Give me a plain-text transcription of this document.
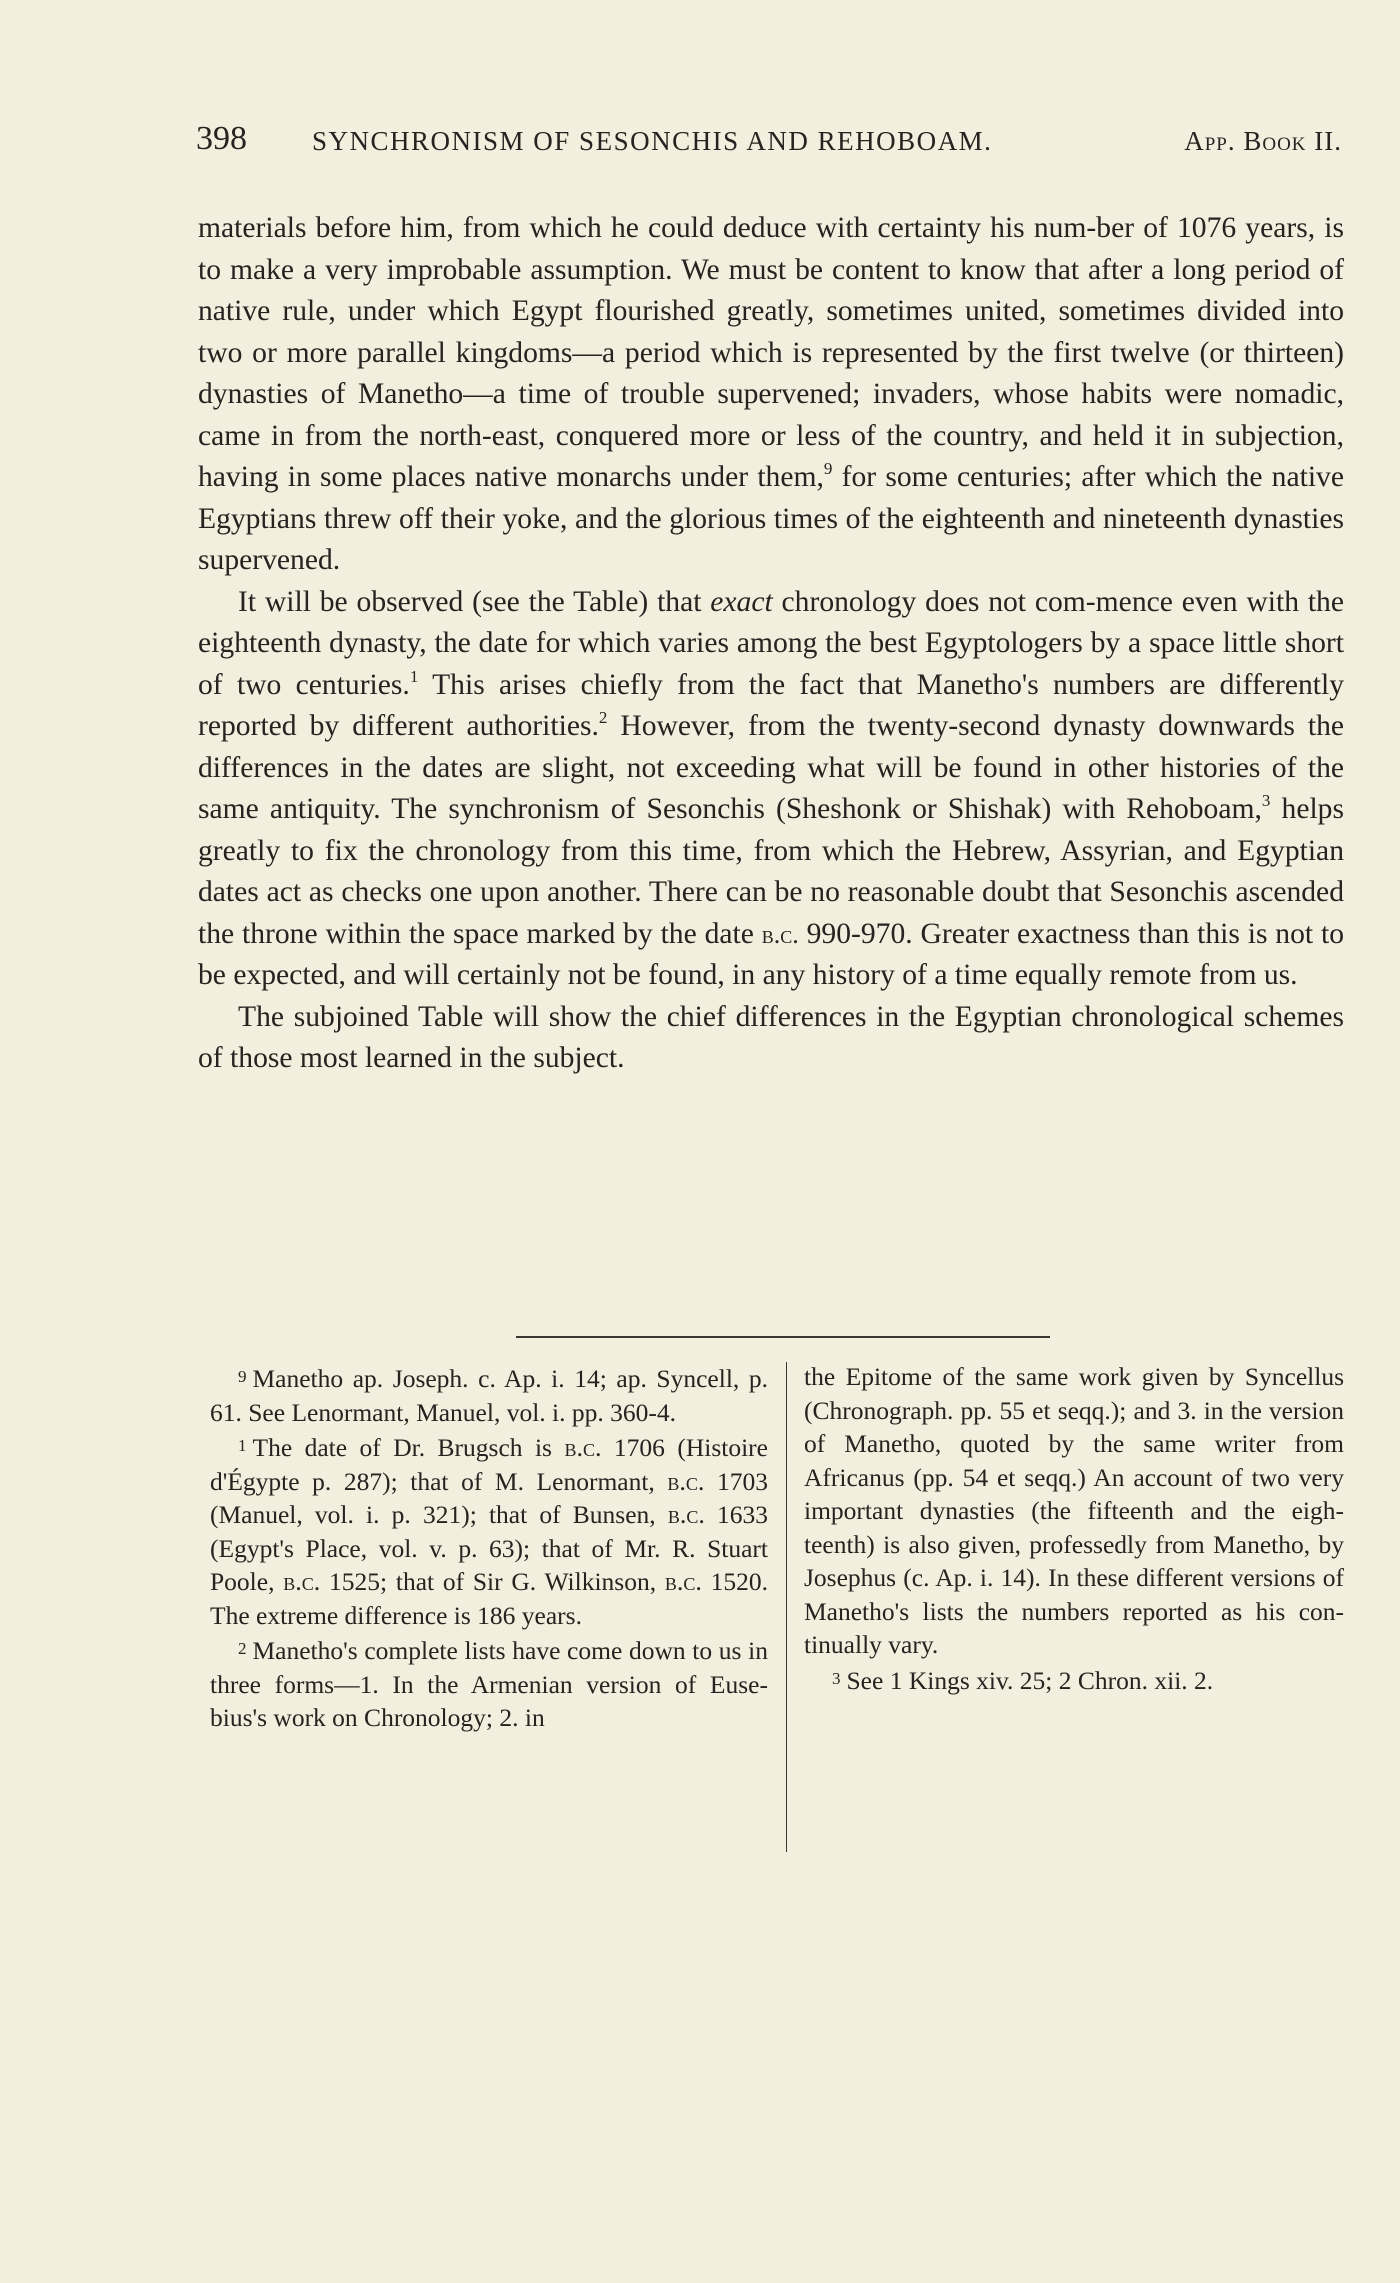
398 SYNCHRONISM OF SESONCHIS AND REHOBOAM.	App. Book II.

materials before him, from which he could deduce with certainty his num-ber of 1076 years, is to make a very improbable assumption. We must be content to know that after a long period of native rule, under which Egypt flourished greatly, sometimes united, sometimes divided into two or more parallel kingdoms—a period which is represented by the first twelve (or thirteen) dynasties of Manetho—a time of trouble supervened; invaders, whose habits were nomadic, came in from the north-east, conquered more or less of the country, and held it in subjection, having in some places native monarchs under them,$^9$ for some centuries; after which the native Egyptians threw off their yoke, and the glorious times of the eighteenth and nineteenth dynasties supervened.

It will be observed (see the Table) that exact chronology does not com-mence even with the eighteenth dynasty, the date for which varies among the best Egyptologers by a space little short of two centuries.$^1$ This arises chiefly from the fact that Manetho's numbers are differently reported by different authorities.$^2$ However, from the twenty-second dynasty downwards the differences in the dates are slight, not exceeding what will be found in other histories of the same antiquity. The synchronism of Sesonchis (Sheshonk or Shishak) with Rehoboam,$^3$ helps greatly to fix the chronology from this time, from which the Hebrew, Assyrian, and Egyptian dates act as checks one upon another. There can be no reasonable doubt that Sesonchis ascended the throne within the space marked by the date b.c. 990-970. Greater exactness than this is not to be expected, and will certainly not be found, in any history of a time equally remote from us.

The subjoined Table will show the chief differences in the Egyptian chronological schemes of those most learned in the subject.

9 Manetho ap. Joseph. c. Ap. i. 14; ap. Syncell, p. 61. See Lenormant, Manuel, vol. i. pp. 360-4.

1 The date of Dr. Brugsch is b.c. 1706 (Histoire d'Égypte p. 287); that of M. Lenormant, b.c. 1703 (Manuel, vol. i. p. 321); that of Bunsen, b.c. 1633 (Egypt's Place, vol. v. p. 63); that of Mr. R. Stuart Poole, b.c. 1525; that of Sir G. Wilkinson, b.c. 1520. The extreme difference is 186 years.

2 Manetho's complete lists have come down to us in three forms—1. In the Armenian version of Euse-bius's work on Chronology; 2. in

the Epitome of the same work given by Syncellus (Chronograph. pp. 55 et seqq.); and 3. in the version of Manetho, quoted by the same writer from Africanus (pp. 54 et seqq.) An account of two very important dynasties (the fifteenth and the eigh-teenth) is also given, professedly from Manetho, by Josephus (c. Ap. i. 14). In these different versions of Manetho's lists the numbers reported as his con-tinually vary.

3 See 1 Kings xiv. 25; 2 Chron. xii. 2.
